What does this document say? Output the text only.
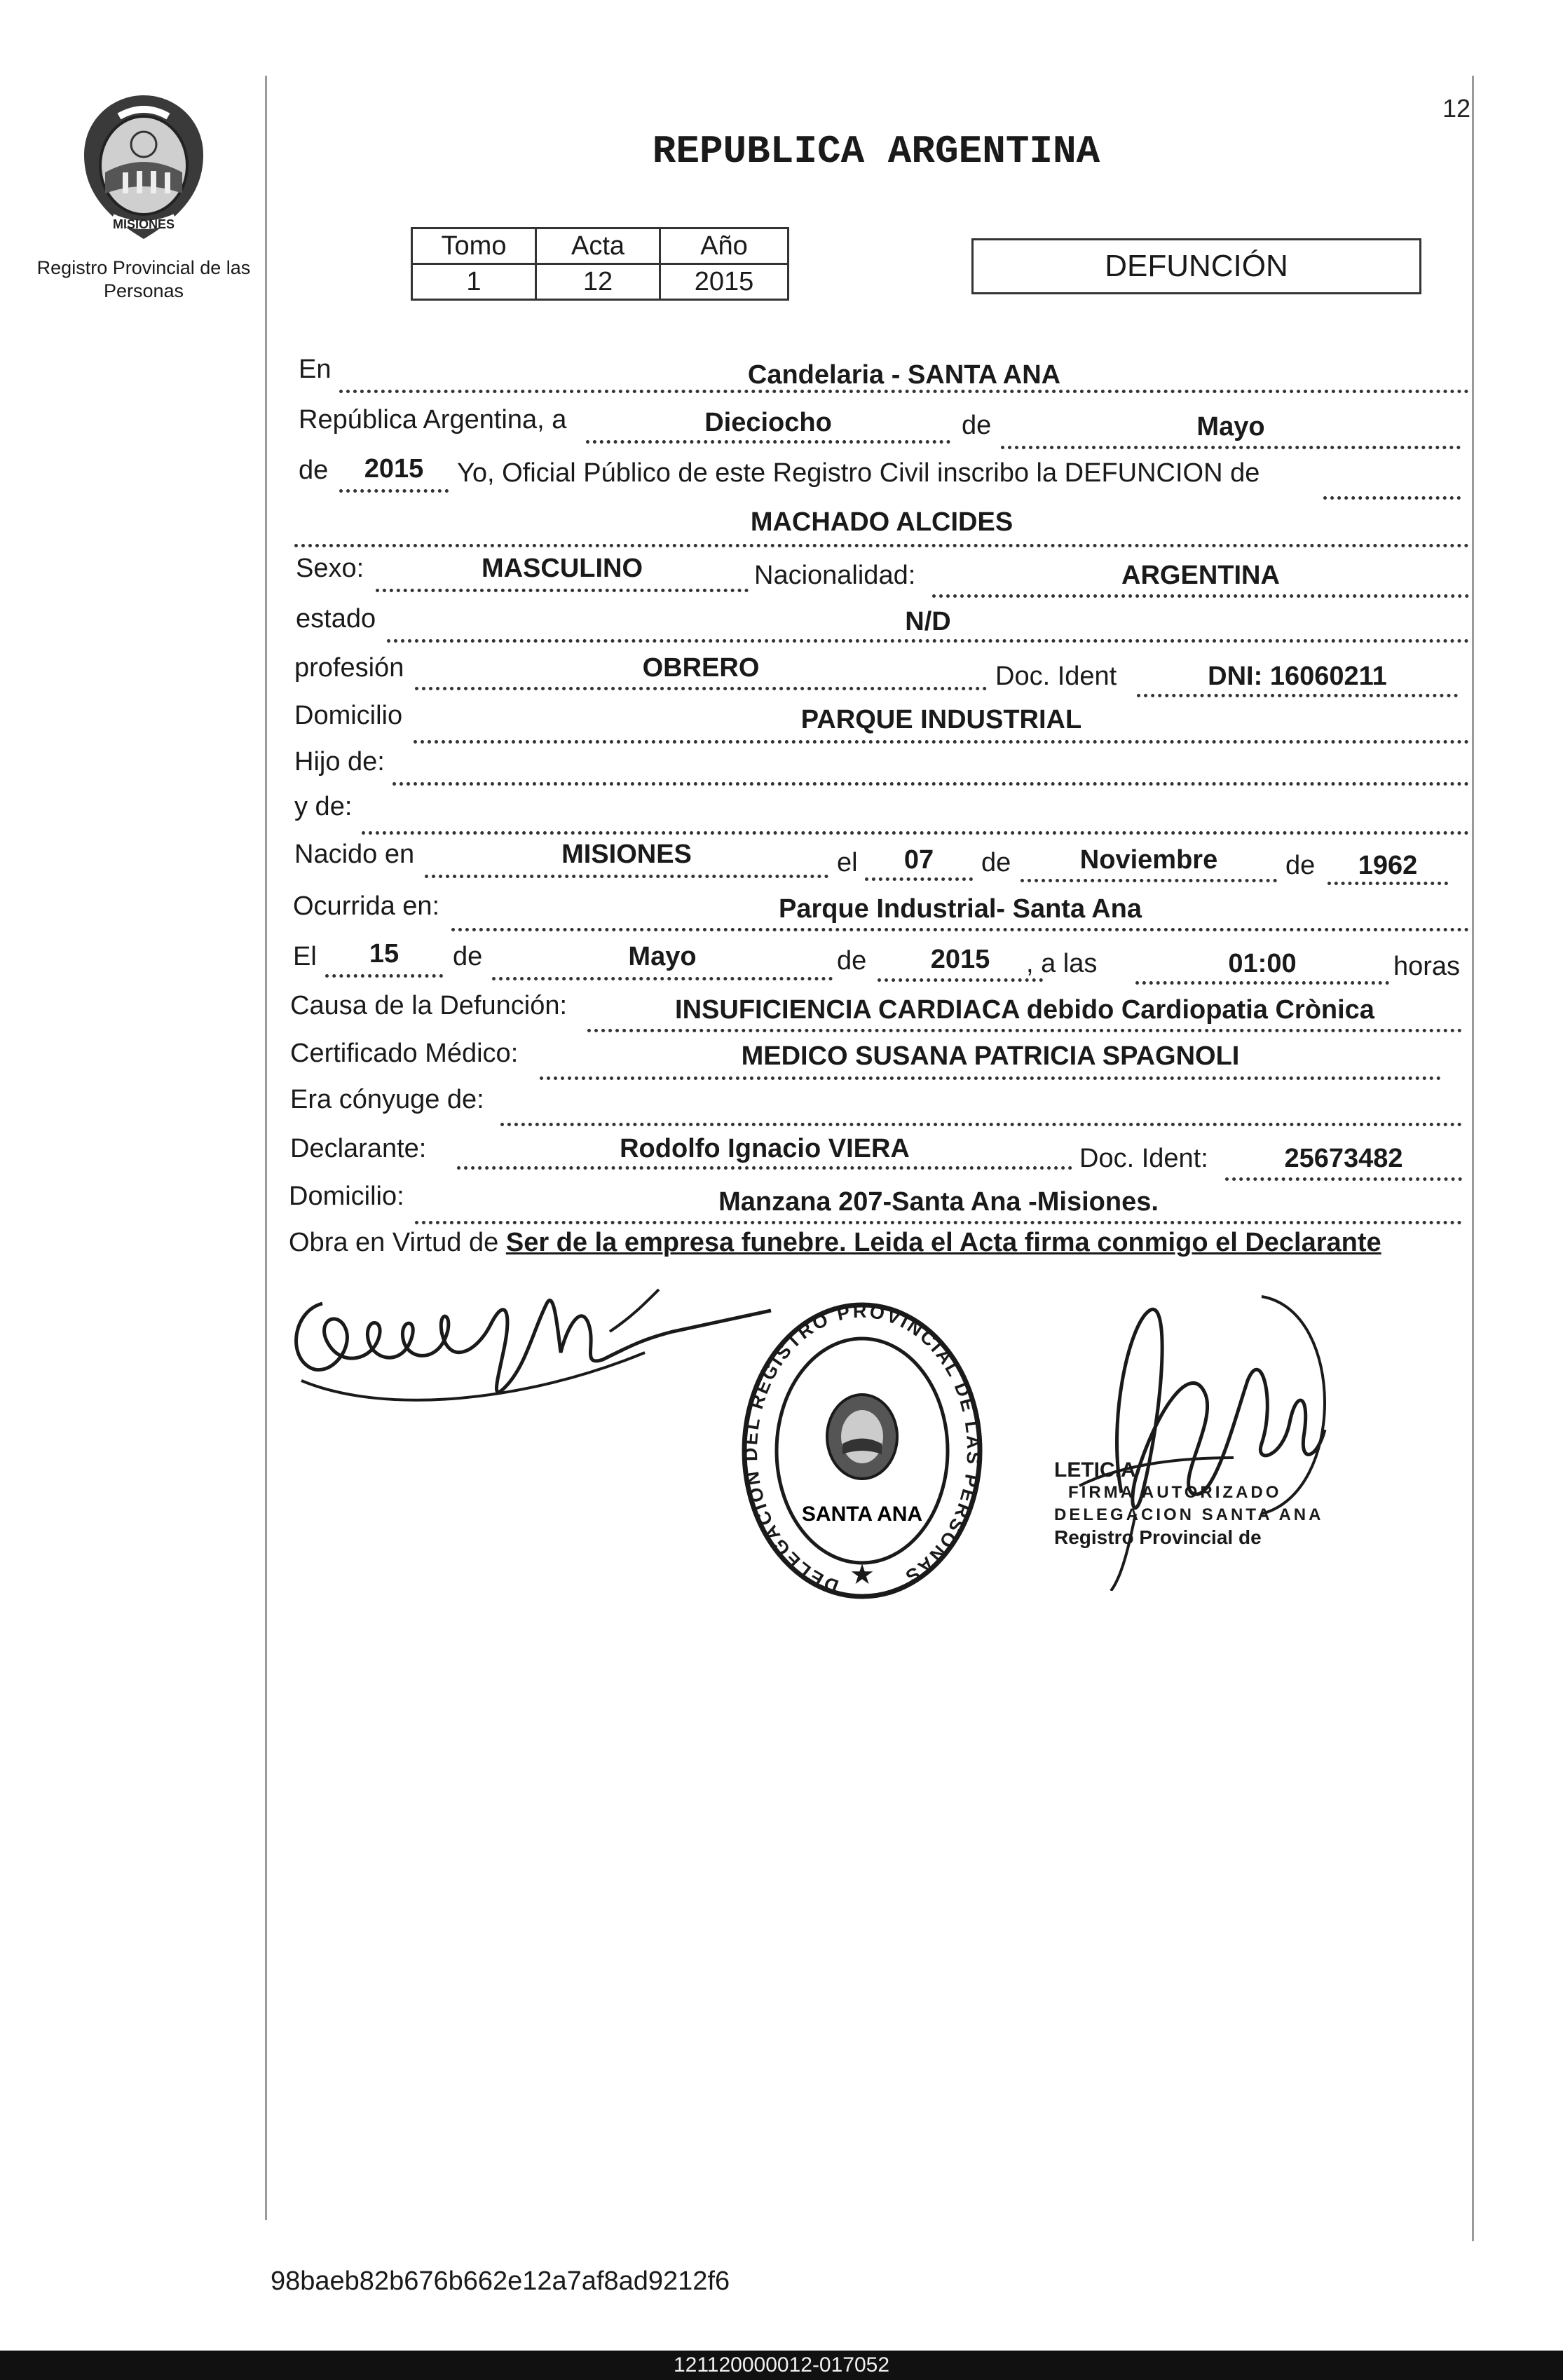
12
MISIONES
Registro Provincial de las Personas
REPUBLICA ARGENTINA
Tomo	Acta	Año
1	12	2015	DEFUNCIÓN
En	Candelaria - SANTA ANA
República Argentina, a	Dieciocho	de	Mayo
de	2015	Yo, Oficial Público de este Registro Civil inscribo la DEFUNCION de
MACHADO ALCIDES
Sexo:	MASCULINO	Nacionalidad:	ARGENTINA
estado	N/D
profesión	OBRERO	Doc. Ident	DNI: 16060211
Domicilio	PARQUE INDUSTRIAL
Hijo de:
y de:
Nacido en	MISIONES	el	07	de	Noviembre	de	1962
Ocurrida en:	Parque Industrial- Santa Ana
El	15	de	Mayo	de	2015	, a las	01:00	horas
Causa de la Defunción:	INSUFICIENCIA CARDIACA debido Cardiopatia Crònica
Certificado Médico:	MEDICO SUSANA PATRICIA SPAGNOLI
Era cónyuge de:
Declarante:	Rodolfo Ignacio VIERA	Doc. Ident:	25673482
Domicilio:	Manzana 207-Santa Ana -Misiones.
Obra en Virtud de Ser de la empresa funebre. Leida el Acta firma conmigo el Declarante
DELEGACION DEL REGISTRO PROVINCIAL DE LAS PERSONAS
SANTA ANA
★
LETICIA
FIRMA AUTORIZADO
DELEGACION SANTA ANA
Registro Provincial de
98baeb82b676b662e12a7af8ad9212f6
121120000012-017052
